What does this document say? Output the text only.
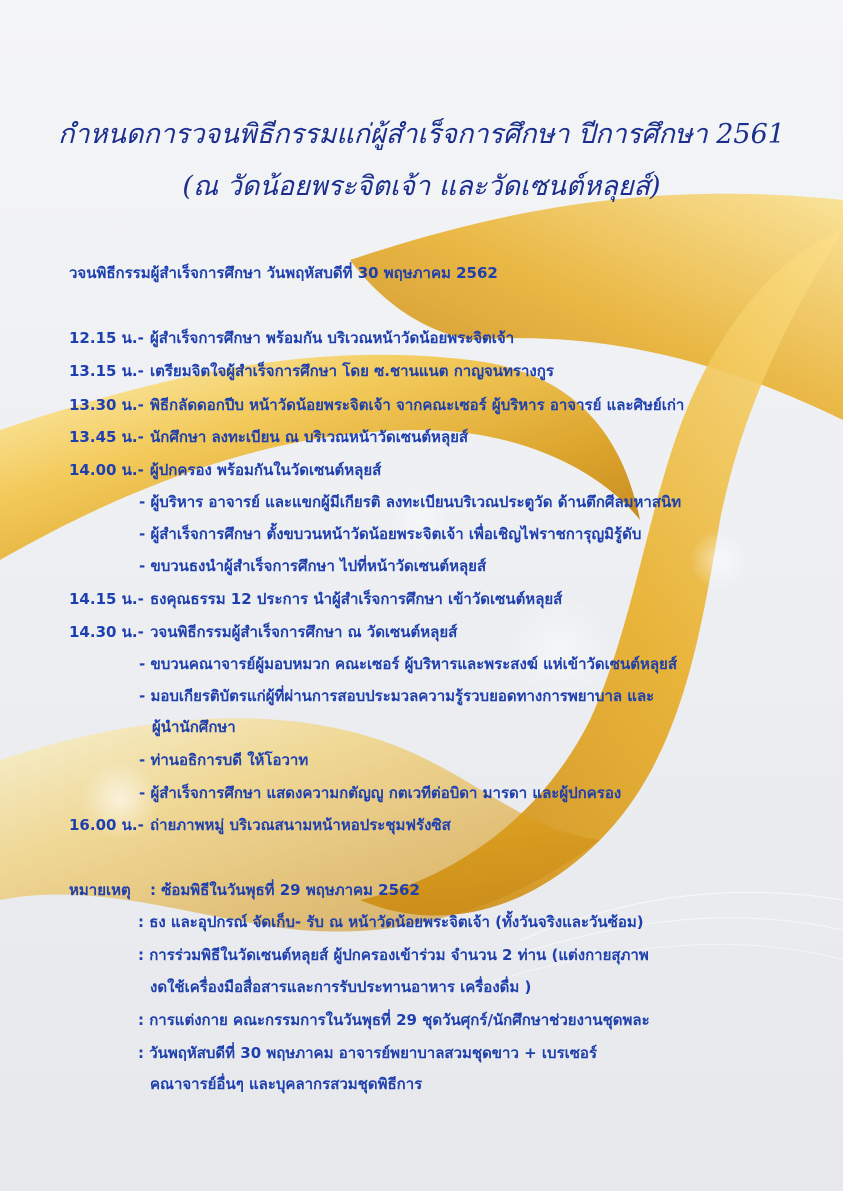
กำหนดการวจนพิธีกรรมแก่ผู้สำเร็จการศึกษา ปีการศึกษา 2561
(ณ วัดน้อยพระจิตเจ้า และวัดเซนต์หลุยส์)
วจนพิธีกรรมผู้สำเร็จการศึกษา วันพฤหัสบดีที่ 30 พฤษภาคม 2562
12.15 น.- ผู้สำเร็จการศึกษา พร้อมกัน บริเวณหน้าวัดน้อยพระจิตเจ้า
13.15 น.- เตรียมจิตใจผู้สำเร็จการศึกษา โดย ซ.ชานแนต กาญจนทรางกูร
13.30 น.- พิธีกลัดดอกปีบ หน้าวัดน้อยพระจิตเจ้า จากคณะเซอร์ ผู้บริหาร อาจารย์ และศิษย์เก่า
13.45 น.- นักศึกษา ลงทะเบียน ณ บริเวณหน้าวัดเซนต์หลุยส์
14.00 น.- ผู้ปกครอง พร้อมกันในวัดเซนต์หลุยส์
- ผู้บริหาร อาจารย์ และแขกผู้มีเกียรติ ลงทะเบียนบริเวณประตูวัด ด้านตึกศีลมหาสนิท
- ผู้สำเร็จการศึกษา ตั้งขบวนหน้าวัดน้อยพระจิตเจ้า เพื่อเชิญไฟราชการุญมิรู้ดับ
- ขบวนธงนำผู้สำเร็จการศึกษา ไปที่หน้าวัดเซนต์หลุยส์
14.15 น.- ธงคุณธรรม 12 ประการ นำผู้สำเร็จการศึกษา เข้าวัดเซนต์หลุยส์
14.30 น.- วจนพิธีกรรมผู้สำเร็จการศึกษา ณ วัดเซนต์หลุยส์
- ขบวนคณาจารย์ผู้มอบหมวก คณะเซอร์ ผู้บริหารและพระสงฆ์ แห่เข้าวัดเซนต์หลุยส์
- มอบเกียรติบัตรแก่ผู้ที่ผ่านการสอบประมวลความรู้รวบยอดทางการพยาบาล และ
ผู้นำนักศึกษา
- ท่านอธิการบดี ให้โอวาท
- ผู้สำเร็จการศึกษา แสดงความกตัญญู กตเวทีต่อบิดา มารดา และผู้ปกครอง
16.00 น.- ถ่ายภาพหมู่ บริเวณสนามหน้าหอประชุมฟรังซิส
หมายเหตุ : ซ้อมพิธีในวันพุธที่ 29 พฤษภาคม 2562
: ธง และอุปกรณ์ จัดเก็บ- รับ ณ หน้าวัดน้อยพระจิตเจ้า (ทั้งวันจริงและวันซ้อม)
: การร่วมพิธีในวัดเซนต์หลุยส์ ผู้ปกครองเข้าร่วม จำนวน 2 ท่าน (แต่งกายสุภาพ
งดใช้เครื่องมือสื่อสารและการรับประทานอาหาร เครื่องดื่ม )
: การแต่งกาย คณะกรรมการในวันพุธที่ 29 ชุดวันศุกร์/นักศึกษาช่วยงานชุดพละ
: วันพฤหัสบดีที่ 30 พฤษภาคม อาจารย์พยาบาลสวมชุดขาว + เบรเซอร์
คณาจารย์อื่นๆ และบุคลากรสวมชุดพิธีการ
